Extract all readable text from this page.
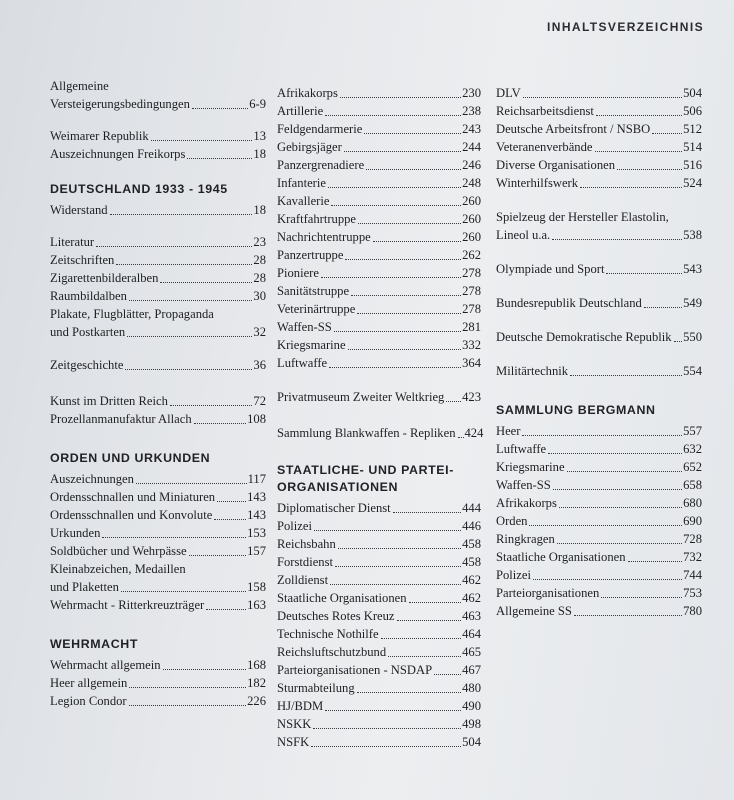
INHALTSVERZEICHNIS
Allgemeine
Versteigerungsbedingungen	6-9
Weimarer Republik	13
Auszeichnungen Freikorps	18
DEUTSCHLAND 1933 - 1945
Widerstand	18
Literatur	23
Zeitschriften	28
Zigarettenbilderalben	28
Raumbildalben	30
Plakate, Flugblätter, Propaganda
und Postkarten	32
Zeitgeschichte	36
Kunst im Dritten Reich	72
Prozellanmanufaktur Allach	108
ORDEN UND URKUNDEN
Auszeichnungen	117
Ordensschnallen und Miniaturen	143
Ordensschnallen und Konvolute	143
Urkunden	153
Soldbücher und Wehrpässe	157
Kleinabzeichen, Medaillen
und Plaketten	158
Wehrmacht - Ritterkreuzträger	163
WEHRMACHT
Wehrmacht allgemein	168
Heer allgemein	182
Legion Condor	226
Afrikakorps	230
Artillerie	238
Feldgendarmerie	243
Gebirgsjäger	244
Panzergrenadiere	246
Infanterie	248
Kavallerie	260
Kraftfahrtruppe	260
Nachrichtentruppe	260
Panzertruppe	262
Pioniere	278
Sanitätstruppe	278
Veterinärtruppe	278
Waffen-SS	281
Kriegsmarine	332
Luftwaffe	364
Privatmuseum Zweiter Weltkrieg 423
Sammlung Blankwaffen - Repliken 424
STAATLICHE- UND PARTEI-
ORGANISATIONEN
Diplomatischer Dienst	444
Polizei	446
Reichsbahn	458
Forstdienst	458
Zolldienst	462
Staatliche Organisationen	462
Deutsches Rotes Kreuz	463
Technische Nothilfe	464
Reichsluftschutzbund	465
Parteiorganisationen - NSDAP 467
Sturmabteilung	480
HJ/BDM	490
NSKK	498
NSFK	504
DLV	504
Reichsarbeitsdienst	506
Deutsche Arbeitsfront / NSBO	512
Veteranenverbände	514
Diverse Organisationen	516
Winterhilfswerk	524
Spielzeug der Hersteller Elastolin,
Lineol u.a.	538
Olympiade und Sport	543
Bundesrepublik Deutschland	549
Deutsche Demokratische Republik 550
Militärtechnik	554
SAMMLUNG BERGMANN
Heer	557
Luftwaffe	632
Kriegsmarine	652
Waffen-SS	658
Afrikakorps	680
Orden	690
Ringkragen	728
Staatliche Organisationen	732
Polizei	744
Parteiorganisationen	753
Allgemeine SS	780
